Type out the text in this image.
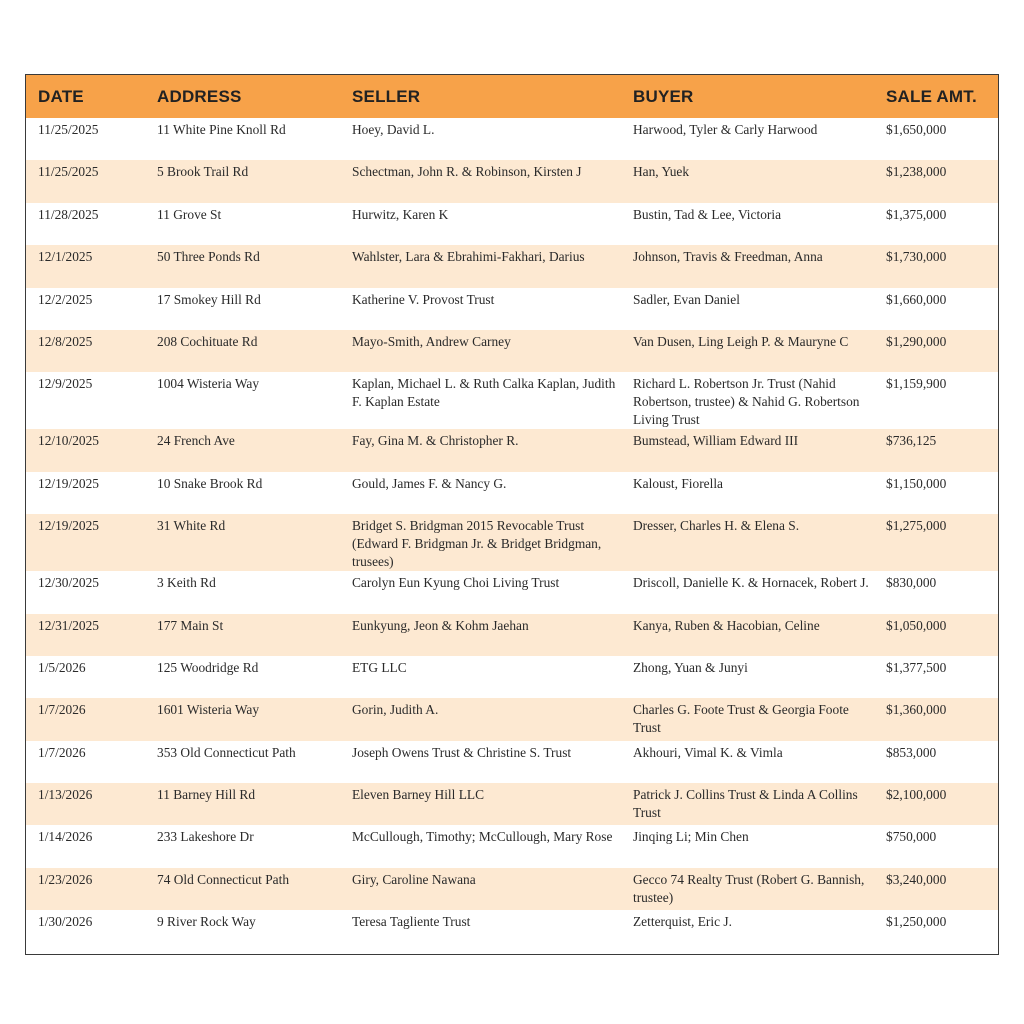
DATE	ADDRESS	SELLER	BUYER	SALE AMT.
11/25/2025	11 White Pine Knoll Rd	Hoey, David L.	Harwood, Tyler & Carly Harwood	$1,650,000
11/25/2025	5 Brook Trail Rd	Schectman, John R. & Robinson, Kirsten J	Han, Yuek	$1,238,000
11/28/2025	11 Grove St	Hurwitz, Karen K	Bustin, Tad & Lee, Victoria	$1,375,000
12/1/2025	50 Three Ponds Rd	Wahlster, Lara & Ebrahimi-Fakhari, Darius	Johnson, Travis & Freedman, Anna	$1,730,000
12/2/2025	17 Smokey Hill Rd	Katherine V. Provost Trust	Sadler, Evan Daniel	$1,660,000
12/8/2025	208 Cochituate Rd	Mayo-Smith, Andrew Carney	Van Dusen, Ling Leigh P. & Mauryne C	$1,290,000
12/9/2025	1004 Wisteria Way	Kaplan, Michael L. & Ruth Calka Kaplan, Judith F. Kaplan Estate	Richard L. Robertson Jr. Trust (Nahid Robertson, trustee) & Nahid G. Robertson Living Trust	$1,159,900
12/10/2025	24 French Ave	Fay, Gina M. & Christopher R.	Bumstead, William Edward III	$736,125
12/19/2025	10 Snake Brook Rd	Gould, James F. & Nancy G.	Kaloust, Fiorella	$1,150,000
12/19/2025	31 White Rd	Bridget S. Bridgman 2015 Revocable Trust (Edward F. Bridgman Jr. & Bridget Bridgman, trusees)	Dresser, Charles H. & Elena S.	$1,275,000
12/30/2025	3 Keith Rd	Carolyn Eun Kyung Choi Living Trust	Driscoll, Danielle K. & Hornacek, Robert J.	$830,000
12/31/2025	177 Main St	Eunkyung, Jeon & Kohm Jaehan	Kanya, Ruben & Hacobian, Celine	$1,050,000
1/5/2026	125 Woodridge Rd	ETG LLC	Zhong, Yuan & Junyi	$1,377,500
1/7/2026	1601 Wisteria Way	Gorin, Judith A.	Charles G. Foote Trust & Georgia Foote Trust	$1,360,000
1/7/2026	353 Old Connecticut Path	Joseph Owens Trust & Christine S. Trust	Akhouri, Vimal K. & Vimla	$853,000
1/13/2026	11 Barney Hill Rd	Eleven Barney Hill LLC	Patrick J. Collins Trust & Linda A Collins Trust	$2,100,000
1/14/2026	233 Lakeshore Dr	McCullough, Timothy; McCullough, Mary Rose	Jinqing Li; Min Chen	$750,000
1/23/2026	74 Old Connecticut Path	Giry, Caroline Nawana	Gecco 74 Realty Trust (Robert G. Bannish, trustee)	$3,240,000
1/30/2026	9 River Rock Way	Teresa Tagliente Trust	Zetterquist, Eric J.	$1,250,000
